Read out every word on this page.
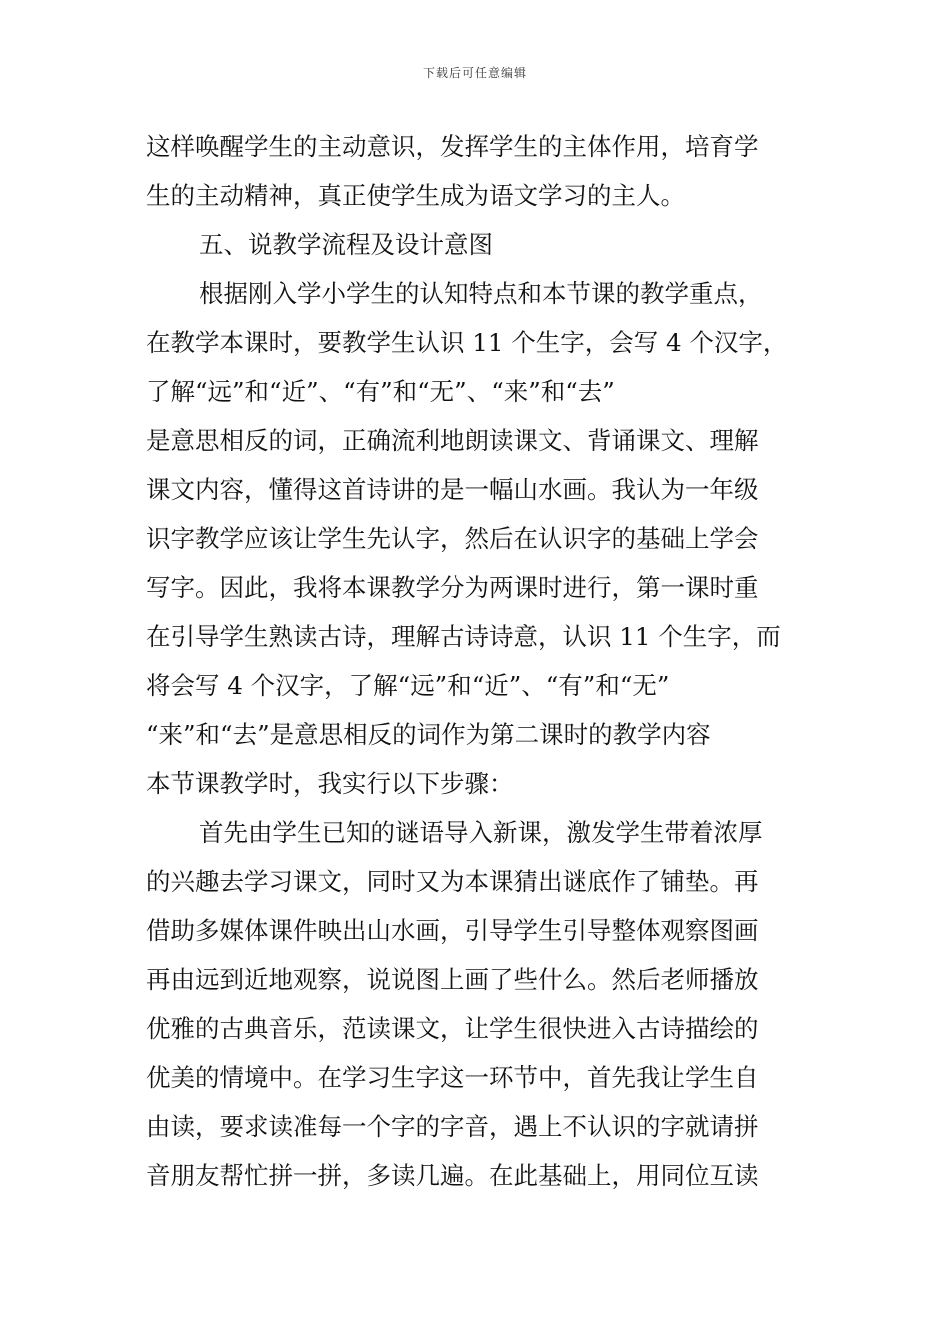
下载后可任意编辑
这样唤醒学生的主动意识，发挥学生的主体作用，培育学
生的主动精神，真正使学生成为语文学习的主人。
五、说教学流程及设计意图
根据刚入学小学生的认知特点和本节课的教学重点，
在教学本课时，要教学生认识 11 个生字，会写 4 个汉字，
了解“远”和“近”、“有”和“无”、“来”和“去”
是意思相反的词，正确流利地朗读课文、背诵课文、理解
课文内容，懂得这首诗讲的是一幅山水画。我认为一年级
识字教学应该让学生先认字，然后在认识字的基础上学会
写字。因此，我将本课教学分为两课时进行，第一课时重
在引导学生熟读古诗，理解古诗诗意，认识 11 个生字，而
将会写 4 个汉字，了解“远”和“近”、“有”和“无”
“来”和“去”是意思相反的词作为第二课时的教学内容
本节课教学时，我实行以下步骤：
首先由学生已知的谜语导入新课，激发学生带着浓厚
的兴趣去学习课文，同时又为本课猜出谜底作了铺垫。再
借助多媒体课件映出山水画，引导学生引导整体观察图画
再由远到近地观察，说说图上画了些什么。然后老师播放
优雅的古典音乐，范读课文，让学生很快进入古诗描绘的
优美的情境中。在学习生字这一环节中，首先我让学生自
由读，要求读准每一个字的字音，遇上不认识的字就请拼
音朋友帮忙拼一拼，多读几遍。在此基础上，用同位互读
